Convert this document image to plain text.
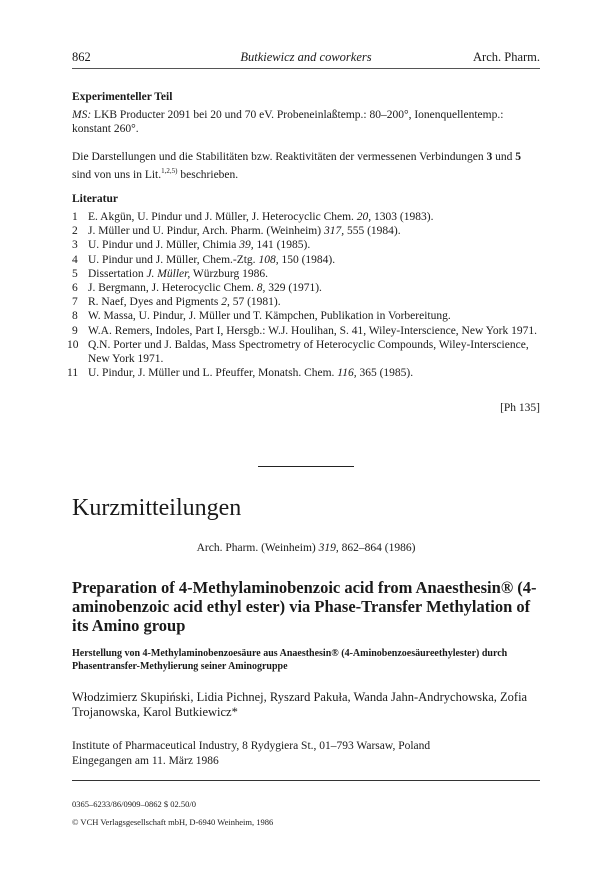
862	Butkiewicz and coworkers	Arch. Pharm.
Experimenteller Teil
MS: LKB Producter 2091 bei 20 und 70 eV. Probeneinlaßtemp.: 80–200°, Ionenquellentemp.:
konstant 260°.
Die Darstellungen und die Stabilitäten bzw. Reaktivitäten der vermessenen Verbindungen 3 und 5
sind von uns in Lit.$^{1,2,5)}$ beschrieben.
Literatur
1 E. Akgün, U. Pindur und J. Müller, J. Heterocyclic Chem. 20, 1303 (1983).
2 J. Müller und U. Pindur, Arch. Pharm. (Weinheim) 317, 555 (1984).
3 U. Pindur und J. Müller, Chimia 39, 141 (1985).
4 U. Pindur und J. Müller, Chem.-Ztg. 108, 150 (1984).
5 Dissertation J. Müller, Würzburg 1986.
6 J. Bergmann, J. Heterocyclic Chem. 8, 329 (1971).
7 R. Naef, Dyes and Pigments 2, 57 (1981).
8 W. Massa, U. Pindur, J. Müller und T. Kämpchen, Publikation in Vorbereitung.
9 W.A. Remers, Indoles, Part I, Hersgb.: W.J. Houlihan, S. 41, Wiley-Interscience, New York 1971.
10 Q.N. Porter und J. Baldas, Mass Spectrometry of Heterocyclic Compounds, Wiley-Interscience, New York 1971.
11 U. Pindur, J. Müller und L. Pfeuffer, Monatsh. Chem. 116, 365 (1985).
[Ph 135]
Kurzmitteilungen
Arch. Pharm. (Weinheim) 319, 862–864 (1986)
Preparation of 4-Methylaminobenzoic acid from Anaesthesin® (4-aminobenzoic acid ethyl ester) via Phase-Transfer Methylation of its Amino group
Herstellung von 4-Methylaminobenzoesäure aus Anaesthesin® (4-Aminobenzoesäureethylester) durch Phasentransfer-Methylierung seiner Aminogruppe
Włodzimierz Skupiński, Lidia Pichnej, Ryszard Pakuła, Wanda Jahn-Andrychowska, Zofia Trojanowska, Karol Butkiewicz*
Institute of Pharmaceutical Industry, 8 Rydygiera St., 01–793 Warsaw, Poland
Eingegangen am 11. März 1986
0365–6233/86/0909–0862 $ 02.50/0
© VCH Verlagsgesellschaft mbH, D-6940 Weinheim, 1986
